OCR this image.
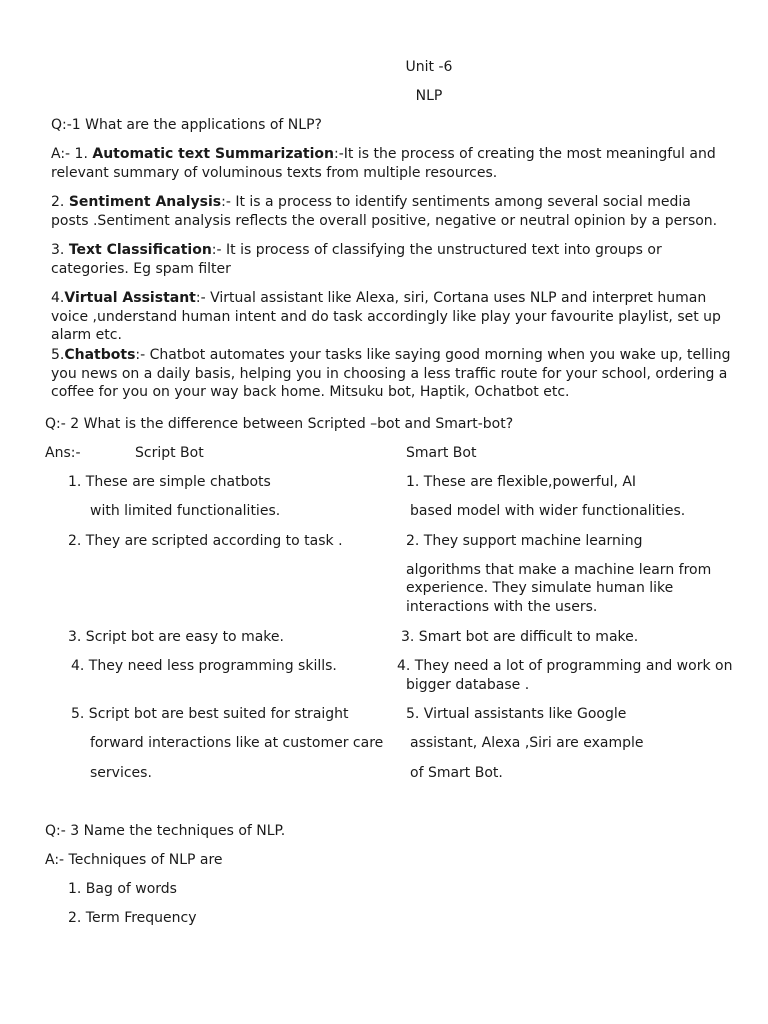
Unit -6
NLP
Q:-1 What are the applications of NLP?
A:- 1. Automatic text Summarization:-It is the process of creating the most meaningful and relevant summary of voluminous texts from multiple resources.
2. Sentiment Analysis:- It is a process to identify sentiments among several social media posts .Sentiment analysis reflects the overall positive, negative or neutral opinion by a person.
3. Text Classification:- It is process of classifying the unstructured text into groups or categories. Eg spam filter
4.Virtual Assistant:- Virtual assistant like Alexa, siri, Cortana uses NLP and interpret human voice ,understand human intent and do task accordingly like play your favourite playlist, set up alarm etc.
5.Chatbots:- Chatbot automates your tasks like saying good morning when you wake up, telling you news on a daily basis, helping you in choosing a less traffic route for your school, ordering a coffee for you on your way back home. Mitsuku bot, Haptik, Ochatbot etc.
Q:- 2 What is the difference between Scripted –bot and Smart-bot?
Ans:-	Script Bot	Smart Bot
1. These are simple chatbots
with limited functionalities.
2. They are scripted according to task .
3. Script bot are easy to make.
4. They need less programming skills.
5. Script bot are best suited for straight
forward interactions like at customer care
services.
1. These are flexible,powerful, AI
based model with wider functionalities.
2. They support machine learning
algorithms that make a machine learn from
experience. They simulate human like
interactions with the users.
3. Smart bot are difficult to make.
4. They need a lot of programming and work on
bigger database .
5. Virtual assistants like Google
assistant, Alexa ,Siri are example
of Smart Bot.
Q:- 3 Name the techniques of NLP.
A:- Techniques of NLP are
1. Bag of words
2. Term Frequency
